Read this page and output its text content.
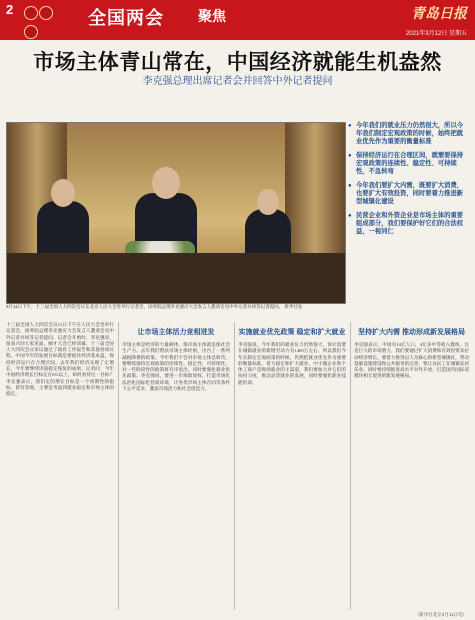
2	全国两会 聚焦	青岛日报
2021年3月12日 星期五
市场主体青山常在，中国经济就能生机盎然
李克强总理出席记者会并回答中外记者提问
3月11日下午，十三届全国人大四次会议在北京人民大会堂举行记者会，国务院总理李克强应大会发言人邀请会见中外记者并回答记者提问。 新华社发
● 今年我们的就业压力仍然很大，所以今年我们制定宏观政策的时候，始终把就业优先作为重要的衡量标准
● 保持经济运行在合理区间，就需要保持宏观政策的连续性、稳定性、可持续性，不急转弯
● 今年我们要扩大内需，既要扩大消费，也要扩大有效投资，同时要着力推进新型城镇化建设
● 民营企业和外资企业是市场主体的重要组成部分，我们要保护好它们的合法权益，一视同仁
十三届全国人大四次会议11日下午在人民大会堂举行记者会，国务院总理李克强应大会发言人邀请会见中外记者并回答记者提问。记者会开始时，李克强说，很高兴同大家见面。刚才大会已经闭幕，十三届全国人大四次会议审议通过了政府工作报告和其他各项议程。中国今年的发展目标就是要稳住经济基本盘，保持经济运行在合理区间。去年我们经济实现了正增长，今年要继续巩固稳定恢复的成果。记者问：今年中国经济增长目标定在6%以上，如何看待这一目标？李克强表示，我们定的增长目标是一个预期性的指标，留有余地，主要是考虑到就业稳定和市场主体的稳定。
让市场主体活力竞相迸发
市场主体是经济的力量载体，保市场主体就是保社会生产力。去年我们帮扶市场主体纾困，出台了一系列减税降费的政策。今年我们不会对市场主体急转弯，要继续保持宏观政策的连续性、稳定性、可持续性，对一些阶段性的政策将有序退出，同时要强化就业优先政策。李克强说，要进一步简政放权，打造市场化法治化国际化营商环境，让各类市场主体在同等条件下公平竞争，激发市场活力和社会创造力。
实施就业优先政策 稳定和扩大就业
李克强说，今年我们的就业压力仍然很大，预计需要在城镇就业的新增劳动力有1400万左右。所以我们今年在制定宏观政策的时候，仍然把就业优先作为重要的衡量标准，着力稳定和扩大就业。中小微企业和个体工商户是吸纳就业的主渠道，我们要加大对它们的扶持力度，推动灵活就业的发展，同时要强化职业技能培训。
坚持扩大内需 推动形成新发展格局
李克强表示，中国有14亿人口，4亿多中等收入群体，这是巨大的市场潜力。我们要通过扩大消费和有效投资来拉动经济增长。要着力推进以人为核心的新型城镇化，带动基础设施建设和公共服务的完善，要让农民工在城镇安居乐业。同时要持续推进高水平对外开放，打造国内国际双循环相互促进的新发展格局。
（新华社北京3月11日电）
